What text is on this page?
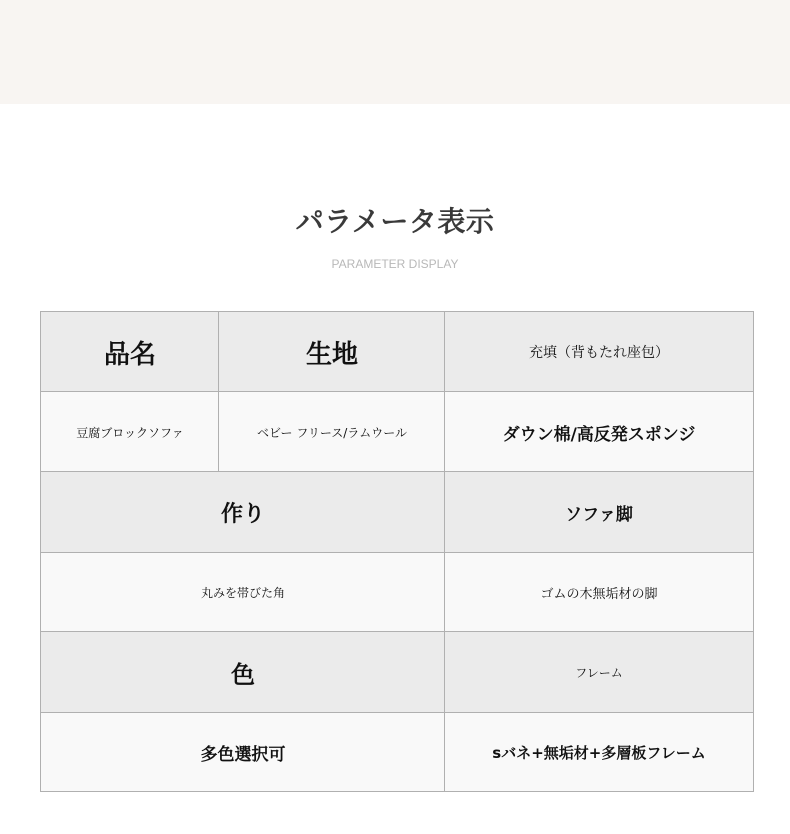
パラメータ表示
PARAMETER DISPLAY
品名	生地	充填（背もたれ座包）
豆腐ブロックソファ	ベビー フリース/ラムウール	ダウン棉/高反発スポンジ
作り	ソファ脚
丸みを帯びた角	ゴムの木無垢材の脚
色	フレーム
多色選択可	sバネ+無垢材+多層板フレーム
